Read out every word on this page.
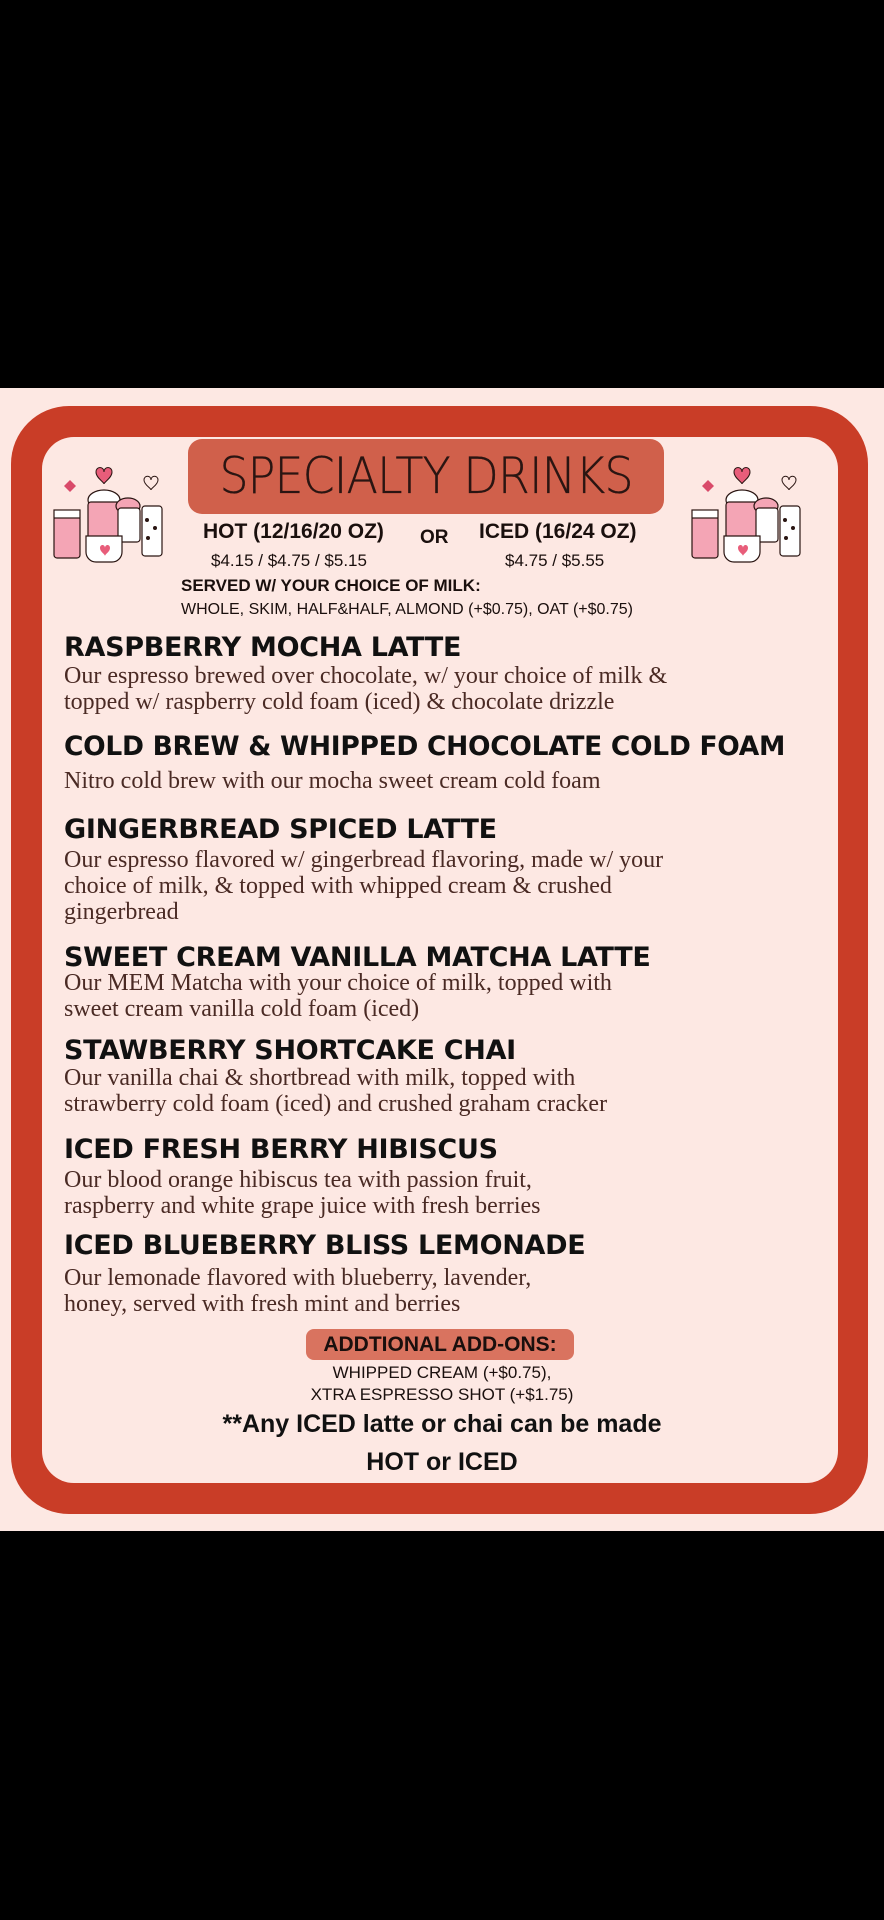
SPECIALTY DRINKS
HOT (12/16/20 OZ)
$4.15 / $4.75 / $5.15
OR ICED (16/24 OZ)
$4.75 / $5.55
SERVED W/ YOUR CHOICE OF MILK:
WHOLE, SKIM, HALF&HALF, ALMOND (+$0.75), OAT (+$0.75)
RASPBERRY MOCHA LATTE
Our espresso brewed over chocolate, w/ your choice of milk &
topped w/ raspberry cold foam (iced) & chocolate drizzle
COLD BREW & WHIPPED CHOCOLATE COLD FOAM
Nitro cold brew with our mocha sweet cream cold foam
GINGERBREAD SPICED LATTE
Our espresso flavored w/ gingerbread flavoring, made w/ your
choice of milk, & topped with whipped cream & crushed
gingerbread
SWEET CREAM VANILLA MATCHA LATTE
Our MEM Matcha with your choice of milk, topped with
sweet cream vanilla cold foam (iced)
STAWBERRY SHORTCAKE CHAI
Our vanilla chai & shortbread with milk, topped with
strawberry cold foam (iced) and crushed graham cracker
ICED FRESH BERRY HIBISCUS
Our blood orange hibiscus tea with passion fruit,
raspberry and white grape juice with fresh berries
ICED BLUEBERRY BLISS LEMONADE
Our lemonade flavored with blueberry, lavender,
honey, served with fresh mint and berries
ADDTIONAL ADD-ONS:
WHIPPED CREAM (+$0.75),
XTRA ESPRESSO SHOT (+$1.75)
**Any ICED latte or chai can be made
HOT or ICED
